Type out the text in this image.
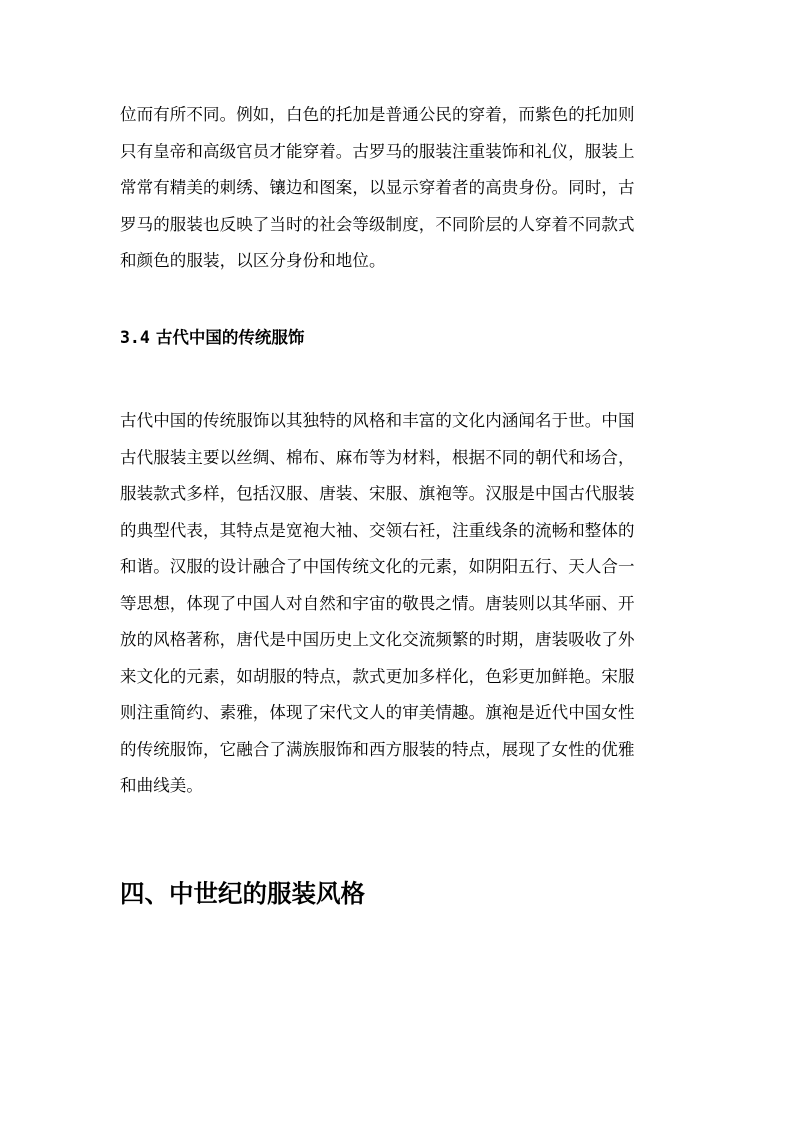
位而有所不同。例如，白色的托加是普通公民的穿着，而紫色的托加则
只有皇帝和高级官员才能穿着。古罗马的服装注重装饰和礼仪，服装上
常常有精美的刺绣、镶边和图案，以显示穿着者的高贵身份。同时，古
罗马的服装也反映了当时的社会等级制度，不同阶层的人穿着不同款式
和颜色的服装，以区分身份和地位。
3.4 古代中国的传统服饰
古代中国的传统服饰以其独特的风格和丰富的文化内涵闻名于世。中国
古代服装主要以丝绸、棉布、麻布等为材料，根据不同的朝代和场合，
服装款式多样，包括汉服、唐装、宋服、旗袍等。汉服是中国古代服装
的典型代表，其特点是宽袍大袖、交领右衽，注重线条的流畅和整体的
和谐。汉服的设计融合了中国传统文化的元素，如阴阳五行、天人合一
等思想，体现了中国人对自然和宇宙的敬畏之情。唐装则以其华丽、开
放的风格著称，唐代是中国历史上文化交流频繁的时期，唐装吸收了外
来文化的元素，如胡服的特点，款式更加多样化，色彩更加鲜艳。宋服
则注重简约、素雅，体现了宋代文人的审美情趣。旗袍是近代中国女性
的传统服饰，它融合了满族服饰和西方服装的特点，展现了女性的优雅
和曲线美。
四、中世纪的服装风格
